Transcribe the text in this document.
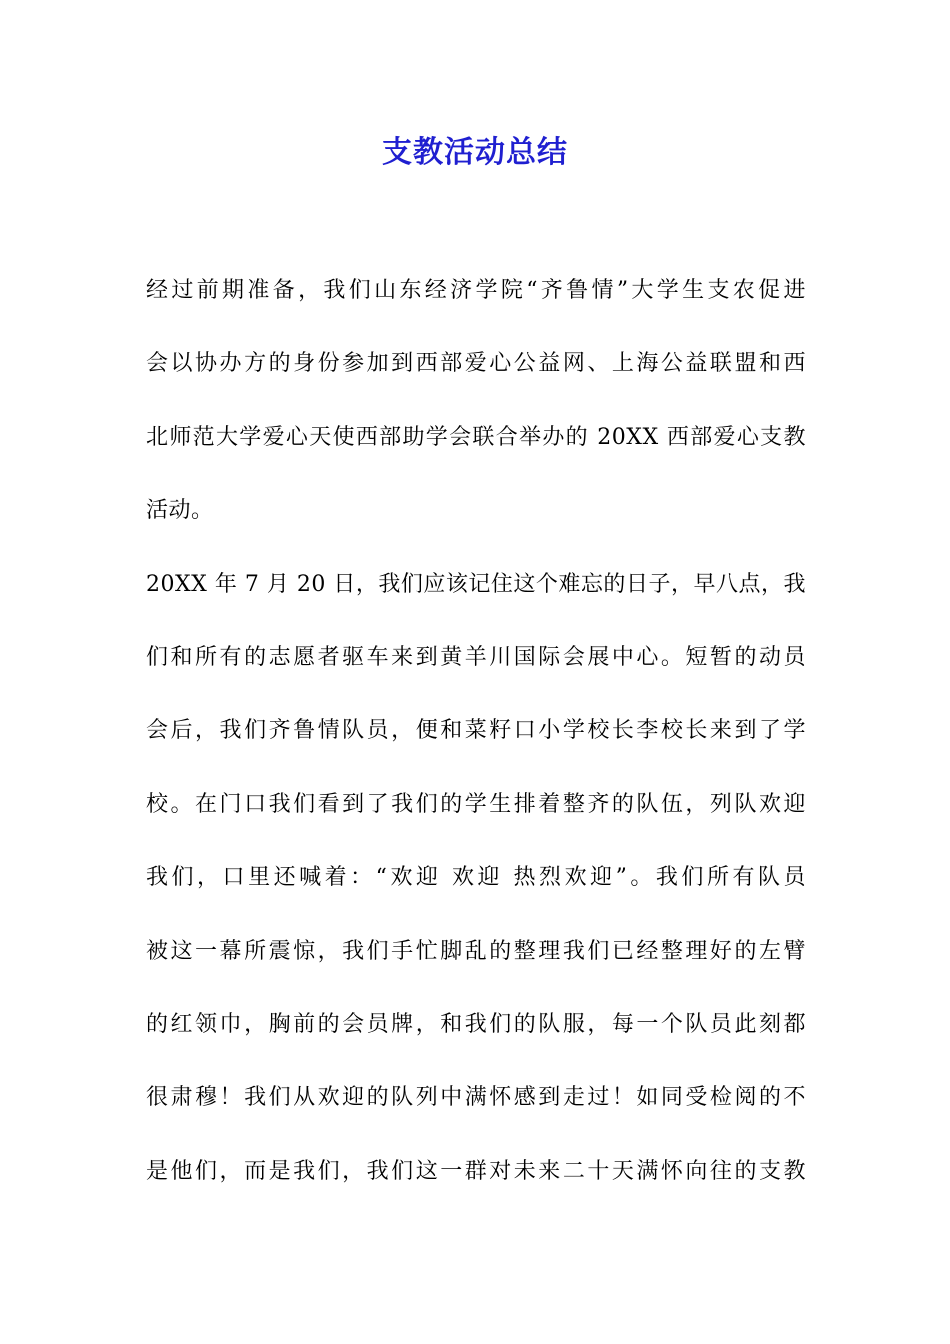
支教活动总结
经过前期准备，我们山东经济学院“齐鲁情”大学生支农促进
会以协办方的身份参加到西部爱心公益网、上海公益联盟和西
北师范大学爱心天使西部助学会联合举办的 20XX 西部爱心支教
活动。
20XX 年 7 月 20 日，我们应该记住这个难忘的日子，早八点，我
们和所有的志愿者驱车来到黄羊川国际会展中心。短暂的动员
会后，我们齐鲁情队员，便和菜籽口小学校长李校长来到了学
校。在门口我们看到了我们的学生排着整齐的队伍，列队欢迎
我们，口里还喊着：“欢迎 欢迎 热烈欢迎”。我们所有队员
被这一幕所震惊，我们手忙脚乱的整理我们已经整理好的左臂
的红领巾，胸前的会员牌，和我们的队服，每一个队员此刻都
很肃穆！我们从欢迎的队列中满怀感到走过！如同受检阅的不
是他们，而是我们，我们这一群对未来二十天满怀向往的支教
